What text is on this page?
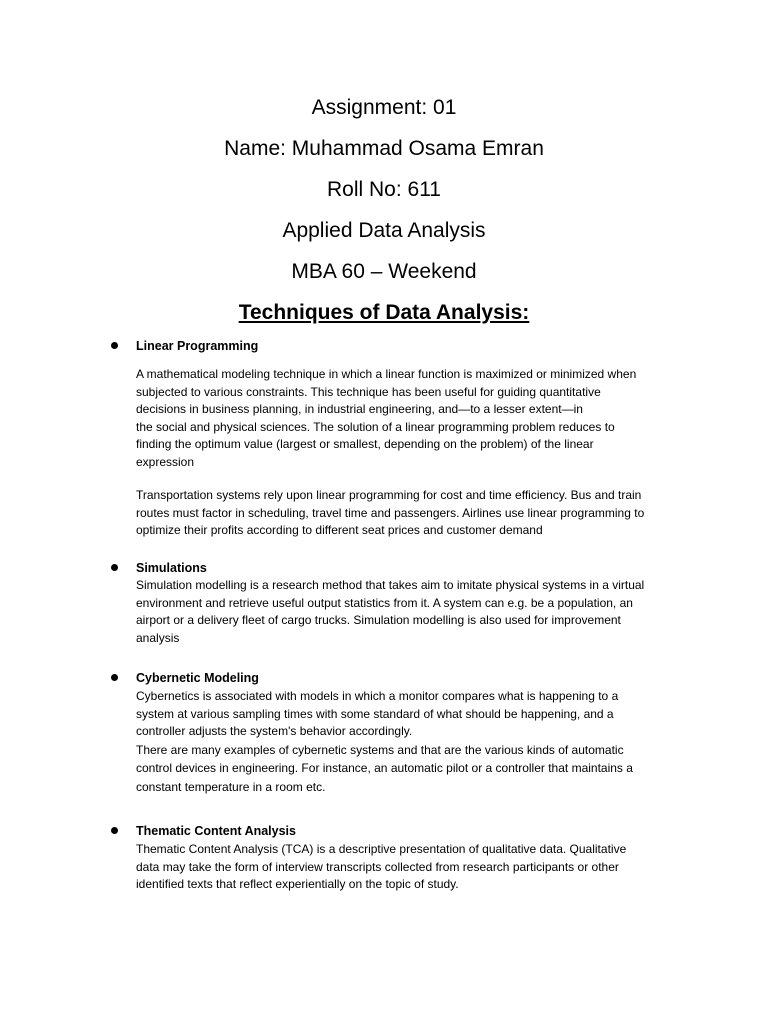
Assignment: 01
Name: Muhammad Osama Emran
Roll No: 611
Applied Data Analysis
MBA 60 – Weekend
Techniques of Data Analysis:
Linear Programming
A mathematical modeling technique in which a linear function is maximized or minimized when
subjected to various constraints. This technique has been useful for guiding quantitative
decisions in business planning, in industrial engineering, and—to a lesser extent—in
the social and physical sciences. The solution of a linear programming problem reduces to
finding the optimum value (largest or smallest, depending on the problem) of the linear
expression
Transportation systems rely upon linear programming for cost and time efficiency. Bus and train
routes must factor in scheduling, travel time and passengers. Airlines use linear programming to
optimize their profits according to different seat prices and customer demand
Simulations
Simulation modelling is a research method that takes aim to imitate physical systems in a virtual
environment and retrieve useful output statistics from it. A system can e.g. be a population, an
airport or a delivery fleet of cargo trucks. Simulation modelling is also used for improvement
analysis
Cybernetic Modeling
Cybernetics is associated with models in which a monitor compares what is happening to a
system at various sampling times with some standard of what should be happening, and a
controller adjusts the system's behavior accordingly.
There are many examples of cybernetic systems and that are the various kinds of automatic
control devices in engineering. For instance, an automatic pilot or a controller that maintains a
constant temperature in a room etc.
Thematic Content Analysis
Thematic Content Analysis (TCA) is a descriptive presentation of qualitative data. Qualitative
data may take the form of interview transcripts collected from research participants or other
identified texts that reflect experientially on the topic of study.
